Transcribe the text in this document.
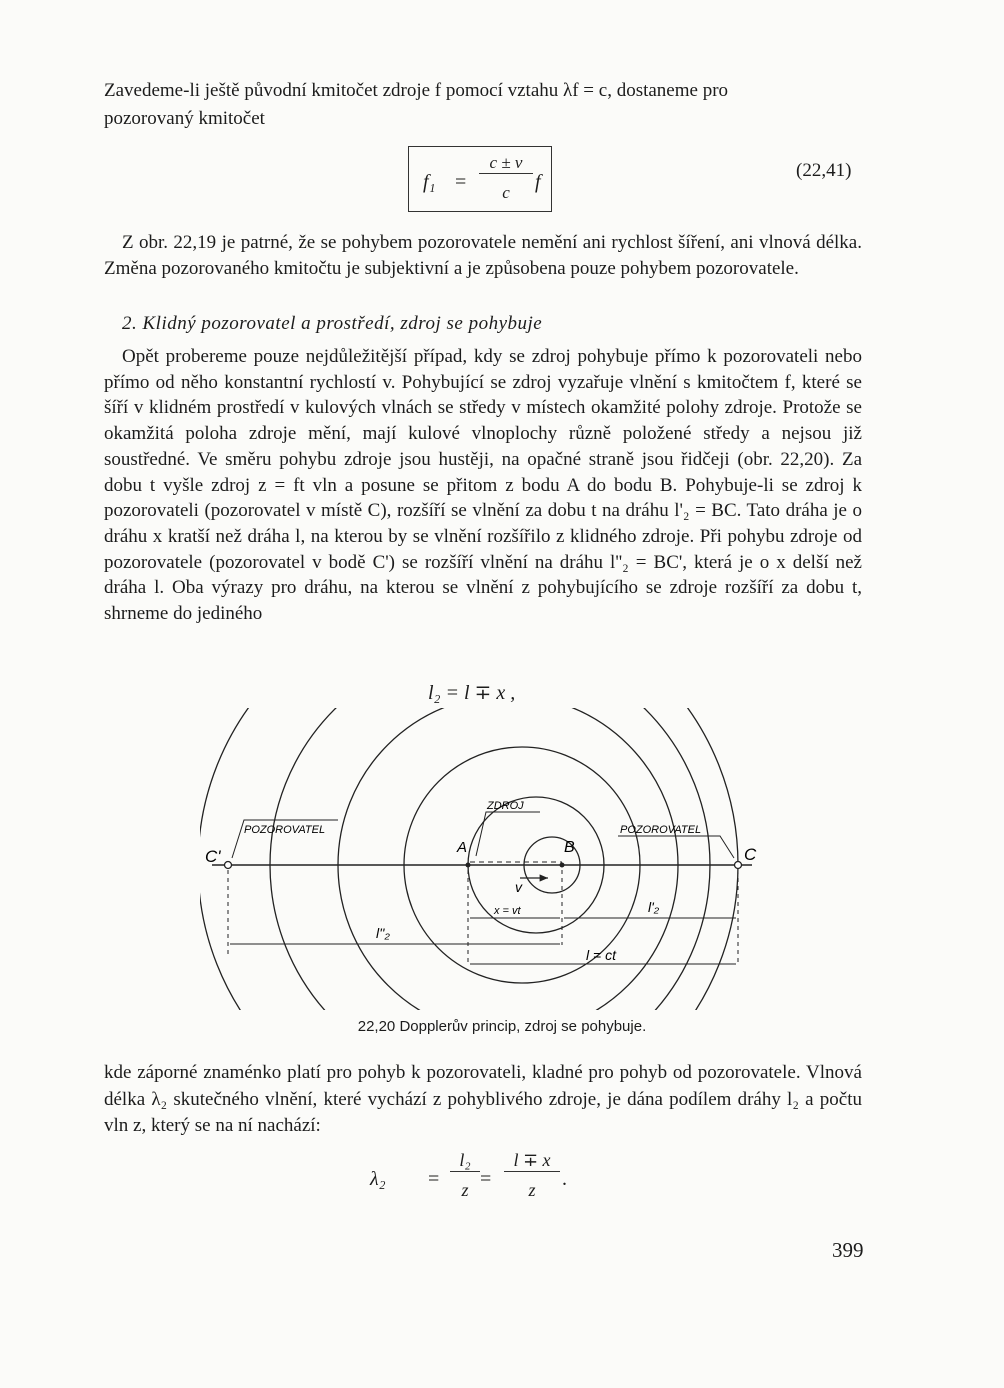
Zavedeme-li ještě původní kmitočet zdroje f pomocí vztahu λf = c, dostaneme pro

pozorovaný kmitočet

f₁ =
c ± v
c	f
(22,41)

Z obr. 22,19 je patrné, že se pohybem pozorovatele nemění ani rychlost šíření, ani vlnová délka. Změna pozorovaného kmitočtu je subjektivní a je způsobena pouze pohybem pozorovatele.

2. Klidný pozorovatel a prostředí, zdroj se pohybuje

Opět probereme pouze nejdůležitější případ, kdy se zdroj pohybuje přímo k pozorovateli nebo přímo od něho konstantní rychlostí v. Pohybující se zdroj vyzařuje vlnění s kmitočtem f, které se šíří v klidném prostředí v kulových vlnách se středy v místech okamžité polohy zdroje. Protože se okamžitá poloha zdroje mění, mají kulové vlnoplochy různě položené středy a nejsou již soustředné. Ve směru pohybu zdroje jsou hustěji, na opačné straně jsou řidčeji (obr. 22,20). Za dobu t vyšle zdroj z = ft vln a posune se přitom z bodu A do bodu B. Pohybuje-li se zdroj k pozorovateli (pozorovatel v místě C), rozšíří se vlnění za dobu t na dráhu l'₂ = BC. Tato dráha je o dráhu x kratší než dráha l, na kterou by se vlnění rozšířilo z klidného zdroje. Při pohybu zdroje od pozorovatele (pozorovatel v bodě C') se rozšíří vlnění na dráhu l''₂ = BC', která je o x delší než dráha l. Oba výrazy pro dráhu, na kterou se vlnění z pohybujícího se zdroje rozšíří za dobu t, shrneme do jediného

l₂ = l ∓ x ,
C'	C
A	B
v
ZDROJ
POZOROVATEL	POZOROVATEL
x = vt	l'₂
l''₂
l = ct
22,20 Dopplerův princip, zdroj se pohybuje.

kde záporné znaménko platí pro pohyb k pozorovateli, kladné pro pohyb od pozorovatele. Vlnová délka λ₂ skutečného vlnění, které vychází z pohyblivého zdroje, je dána podílem dráhy l₂ a počtu vln z, který se na ní nachází:

λ₂ =
l₂
z =
l ∓ x
z	.
399
